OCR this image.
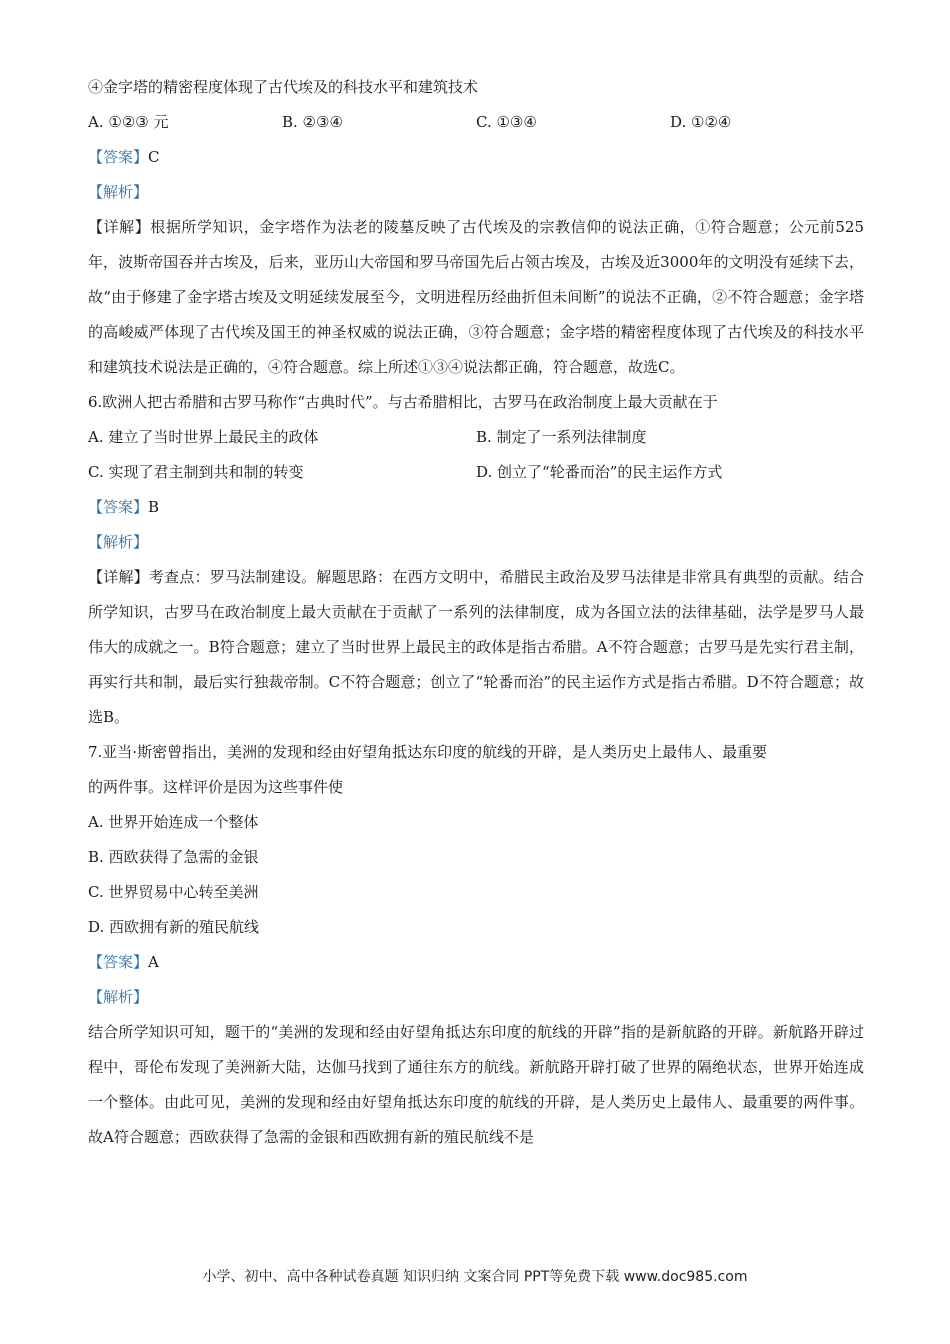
④金字塔的精密程度体现了古代埃及的科技水平和建筑技术
A. ①②③ 元	B. ②③④	C. ①③④	D. ①②④
【答案】C
【解析】
【详解】根据所学知识，金字塔作为法老的陵墓反映了古代埃及的宗教信仰的说法正确，①符合题意；公元前525年，波斯帝国吞并古埃及，后来，亚历山大帝国和罗马帝国先后占领古埃及，古埃及近3000年的文明没有延续下去，故“由于修建了金字塔古埃及文明延续发展至今，文明进程历经曲折但未间断”的说法不正确，②不符合题意；金字塔的高峻威严体现了古代埃及国王的神圣权威的说法正确，③符合题意；金字塔的精密程度体现了古代埃及的科技水平和建筑技术说法是正确的，④符合题意。综上所述①③④说法都正确，符合题意，故选C。
6.欧洲人把古希腊和古罗马称作“古典时代”。与古希腊相比，古罗马在政治制度上最大贡献在于
A. 建立了当时世界上最民主的政体	B. 制定了一系列法律制度
C. 实现了君主制到共和制的转变	D. 创立了“轮番而治”的民主运作方式
【答案】B
【解析】
【详解】考查点：罗马法制建设。解题思路：在西方文明中，希腊民主政治及罗马法律是非常具有典型的贡献。结合所学知识，古罗马在政治制度上最大贡献在于贡献了一系列的法律制度，成为各国立法的法律基础，法学是罗马人最伟大的成就之一。B符合题意；建立了当时世界上最民主的政体是指古希腊。A不符合题意；古罗马是先实行君主制，再实行共和制，最后实行独裁帝制。C不符合题意；创立了“轮番而治”的民主运作方式是指古希腊。D不符合题意；故选B。
7.亚当·斯密曾指出，美洲的发现和经由好望角抵达东印度的航线的开辟，是人类历史上最伟人、最重要
的两件事。这样评价是因为这些事件使
A. 世界开始连成一个整体
B. 西欧获得了急需的金银
C. 世界贸易中心转至美洲
D. 西欧拥有新的殖民航线
【答案】A
【解析】
结合所学知识可知，题干的“美洲的发现和经由好望角抵达东印度的航线的开辟”指的是新航路的开辟。新航路开辟过程中，哥伦布发现了美洲新大陆，达伽马找到了通往东方的航线。新航路开辟打破了世界的隔绝状态，世界开始连成一个整体。由此可见，美洲的发现和经由好望角抵达东印度的航线的开辟，是人类历史上最伟人、最重要的两件事。故A符合题意；西欧获得了急需的金银和西欧拥有新的殖民航线不是
小学、初中、高中各种试卷真题 知识归纳 文案合同 PPT等免费下载 www.doc985.com
